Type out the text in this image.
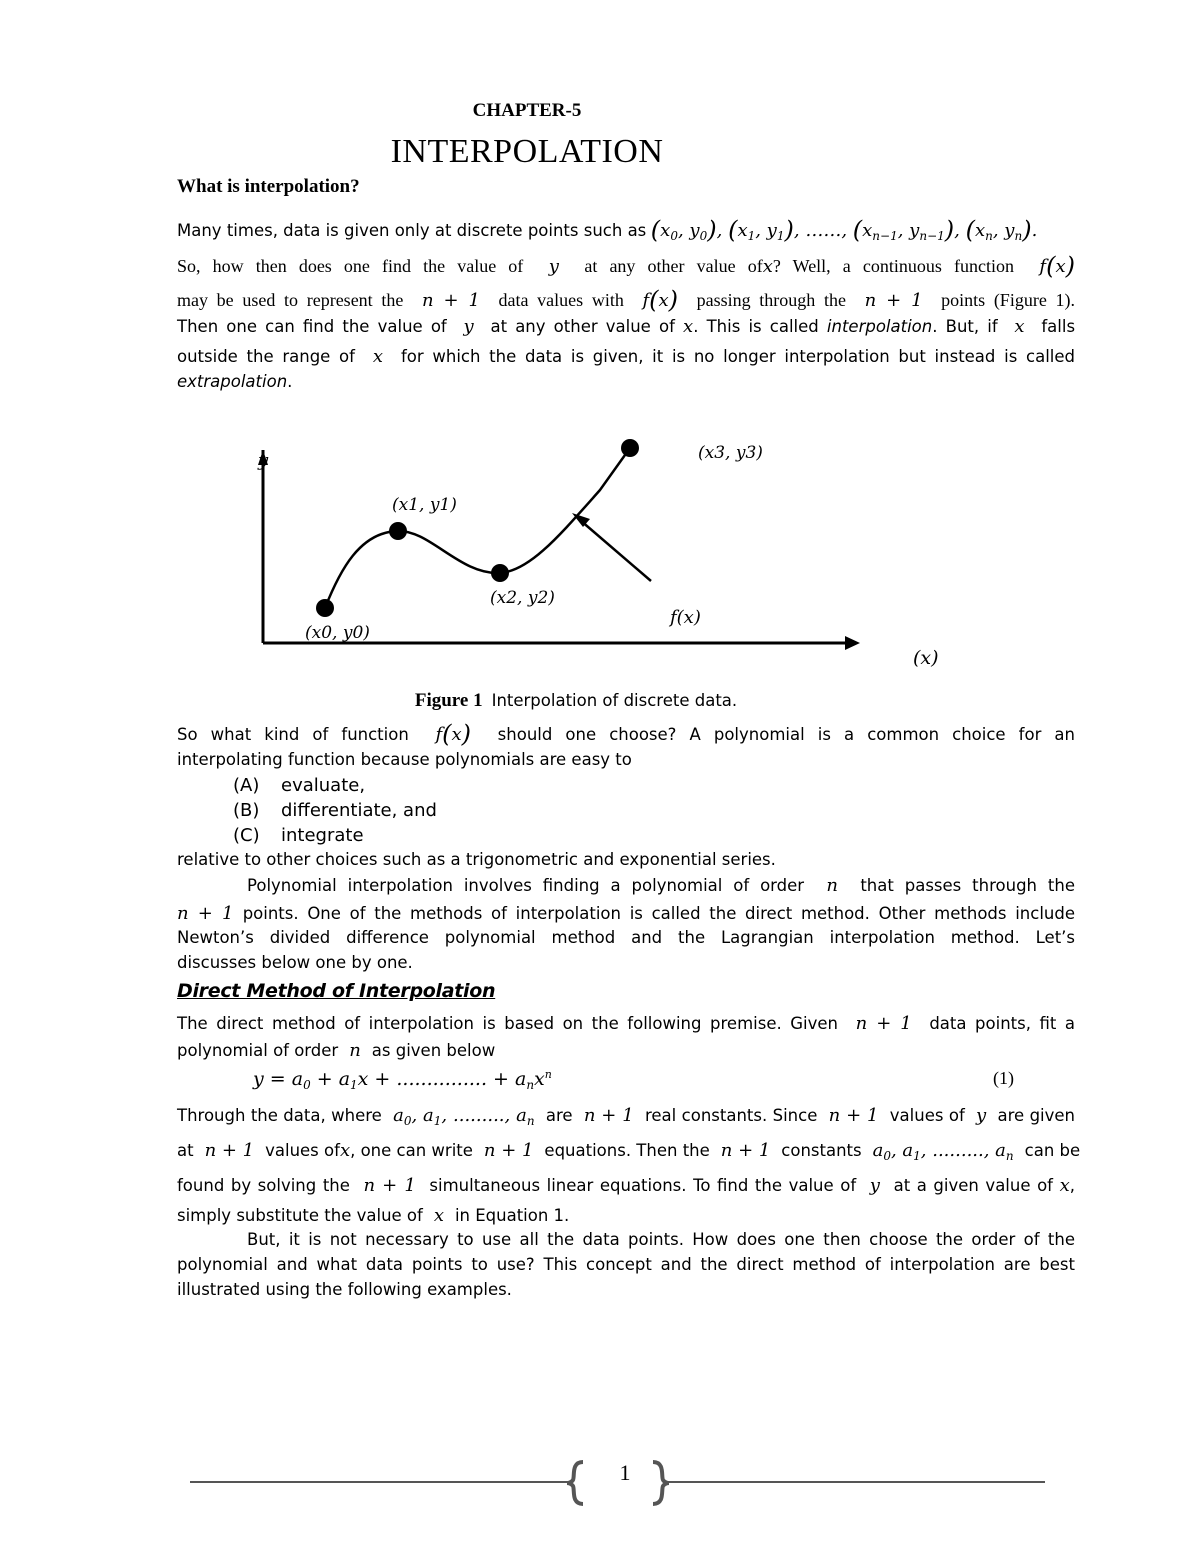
CHAPTER-5
INTERPOLATION
What is interpolation?
Many times, data is given only at discrete points such as ($x_0$, $y_0$), ($x_1$, $y_1$), ……, ($x_{n-1}$, $y_{n-1}$), ($x_n$, $y_n$).
So, how then does one find the value of  y  at any other value ofx? Well, a continuous function  f(x)
may be used to represent the  n + 1  data values with  f(x) passing through the  n + 1  points (Figure 1).
Then one can find the value of  y  at any other value of x. This is called interpolation. But, if  x  falls
outside the range of  x  for which the data is given, it is no longer interpolation but instead is called
extrapolation.
y
(x0, y0)
(x1, y1)
(x2, y2)
(x3, y3)
f(x)
(x)
Figure 1 Interpolation of discrete data.
So what kind of function  f(x) should one choose? A polynomial is a common choice for an
interpolating function because polynomials are easy to
(A) evaluate,
(B) differentiate, and
(C) integrate
relative to other choices such as a trigonometric and exponential series.
Polynomial interpolation involves finding a polynomial of order  n  that passes through the
n + 1 points. One of the methods of interpolation is called the direct method. Other methods include
Newton’s divided difference polynomial method and the Lagrangian interpolation method. Let’s
discusses below one by one.
Direct Method of Interpolation
The direct method of interpolation is based on the following premise. Given  n + 1  data points, fit a
polynomial of order  n  as given below
$y = a_0 + a_1x$ + ............... + $a_nx^n$	(1)
Through the data, where  $a_0$, $a_1$, ........., $a_n$ are  n + 1  real constants. Since  n + 1  values of  y  are given
at  n + 1  values ofx, one can write  n + 1  equations. Then the  n + 1  constants  $a_0$, $a_1$, ........., $a_n$ can be
found by solving the  n + 1  simultaneous linear equations. To find the value of  y  at a given value of x,
simply substitute the value of  x  in Equation 1.
But, it is not necessary to use all the data points. How does one then choose the order of the
polynomial and what data points to use? This concept and the direct method of interpolation are best
illustrated using the following examples.
1
